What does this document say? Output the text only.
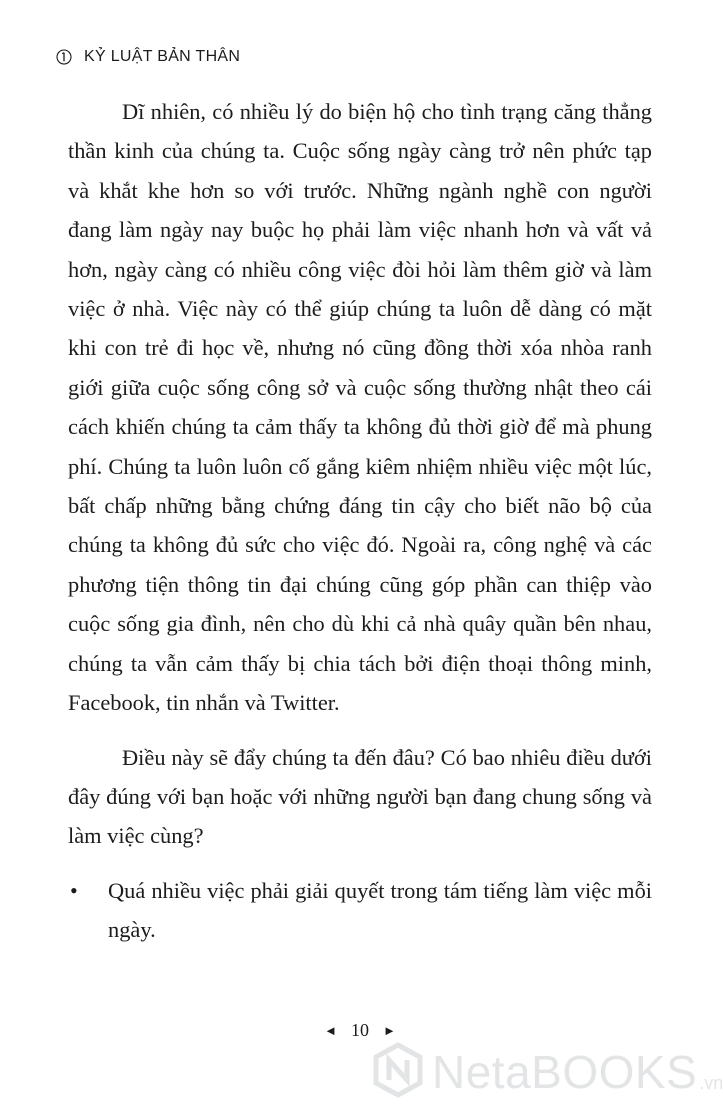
KỶ LUẬT BẢN THÂN

Dĩ nhiên, có nhiều lý do biện hộ cho tình trạng căng thẳng thần kinh của chúng ta. Cuộc sống ngày càng trở nên phức tạp và khắt khe hơn so với trước. Những ngành nghề con người đang làm ngày nay buộc họ phải làm việc nhanh hơn và vất vả hơn, ngày càng có nhiều công việc đòi hỏi làm thêm giờ và làm việc ở nhà. Việc này có thể giúp chúng ta luôn dễ dàng có mặt khi con trẻ đi học về, nhưng nó cũng đồng thời xóa nhòa ranh giới giữa cuộc sống công sở và cuộc sống thường nhật theo cái cách khiến chúng ta cảm thấy ta không đủ thời giờ để mà phung phí. Chúng ta luôn luôn cố gắng kiêm nhiệm nhiều việc một lúc, bất chấp những bằng chứng đáng tin cậy cho biết não bộ của chúng ta không đủ sức cho việc đó. Ngoài ra, công nghệ và các phương tiện thông tin đại chúng cũng góp phần can thiệp vào cuộc sống gia đình, nên cho dù khi cả nhà quây quần bên nhau, chúng ta vẫn cảm thấy bị chia tách bởi điện thoại thông minh, Facebook, tin nhắn và Twitter.

Điều này sẽ đẩy chúng ta đến đâu? Có bao nhiêu điều dưới đây đúng với bạn hoặc với những người bạn đang chung sống và làm việc cùng?

• Quá nhiều việc phải giải quyết trong tám tiếng làm việc mỗi ngày.
◄ 10 ►
NetaBOOKS .vn
